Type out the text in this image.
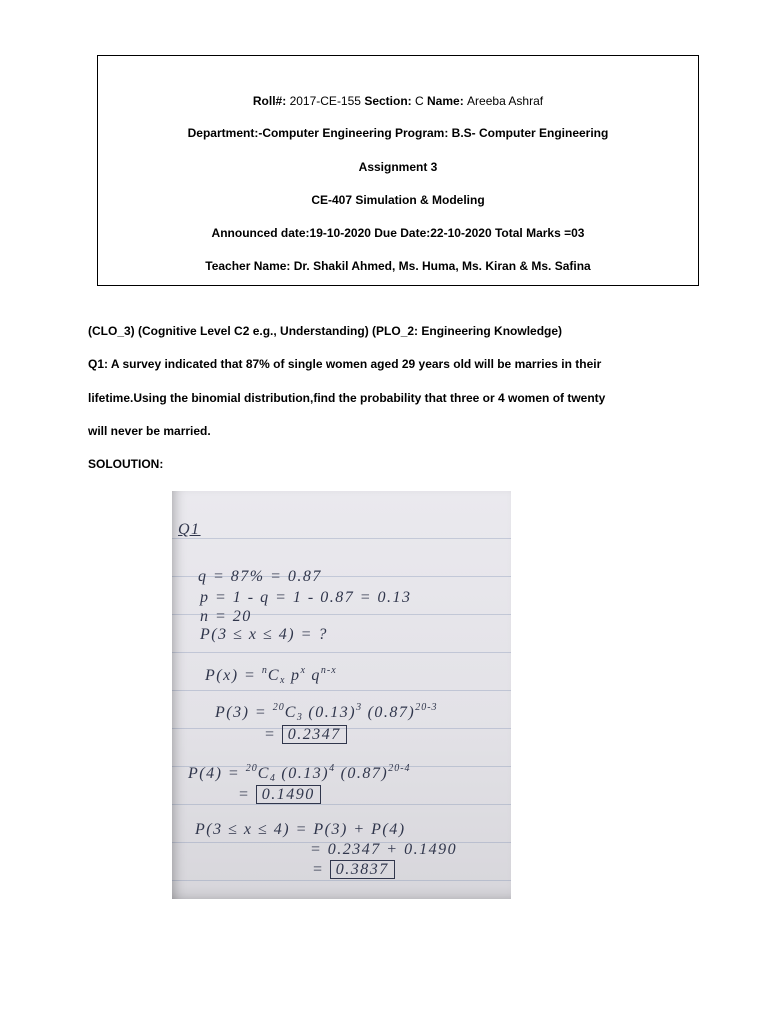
Roll#: 2017-CE-155 Section: C Name: Areeba Ashraf
Department:-Computer Engineering Program: B.S- Computer Engineering
Assignment 3
CE-407 Simulation & Modeling
Announced date:19-10-2020 Due Date:22-10-2020 Total Marks =03
Teacher Name: Dr. Shakil Ahmed, Ms. Huma, Ms. Kiran & Ms. Safina

(CLO_3) (Cognitive Level C2 e.g., Understanding) (PLO_2: Engineering Knowledge)

Q1: A survey indicated that 87% of single women aged 29 years old will be marries in their

lifetime.Using the binomial distribution,find the probability that three or 4 women of twenty

will never be married.

SOLOUTION:

Q1
q = 87% = 0.87
p = 1 - q = 1 - 0.87 = 0.13
n = 20
P(3 ≤ x ≤ 4) = ?
$P(x) = ^nC_x$ $p^x$ $q^{n-x}$
$P(3) = ^{20}C_3$ $(0.13)^3$ $(0.87)^{20-3}$
= 0.2347
$P(4) = ^{20}C_4$ $(0.13)^4$ $(0.87)^{20-4}$
= 0.1490
P(3 ≤ x ≤ 4) = P(3) + P(4)
= 0.2347 + 0.1490
= 0.3837
